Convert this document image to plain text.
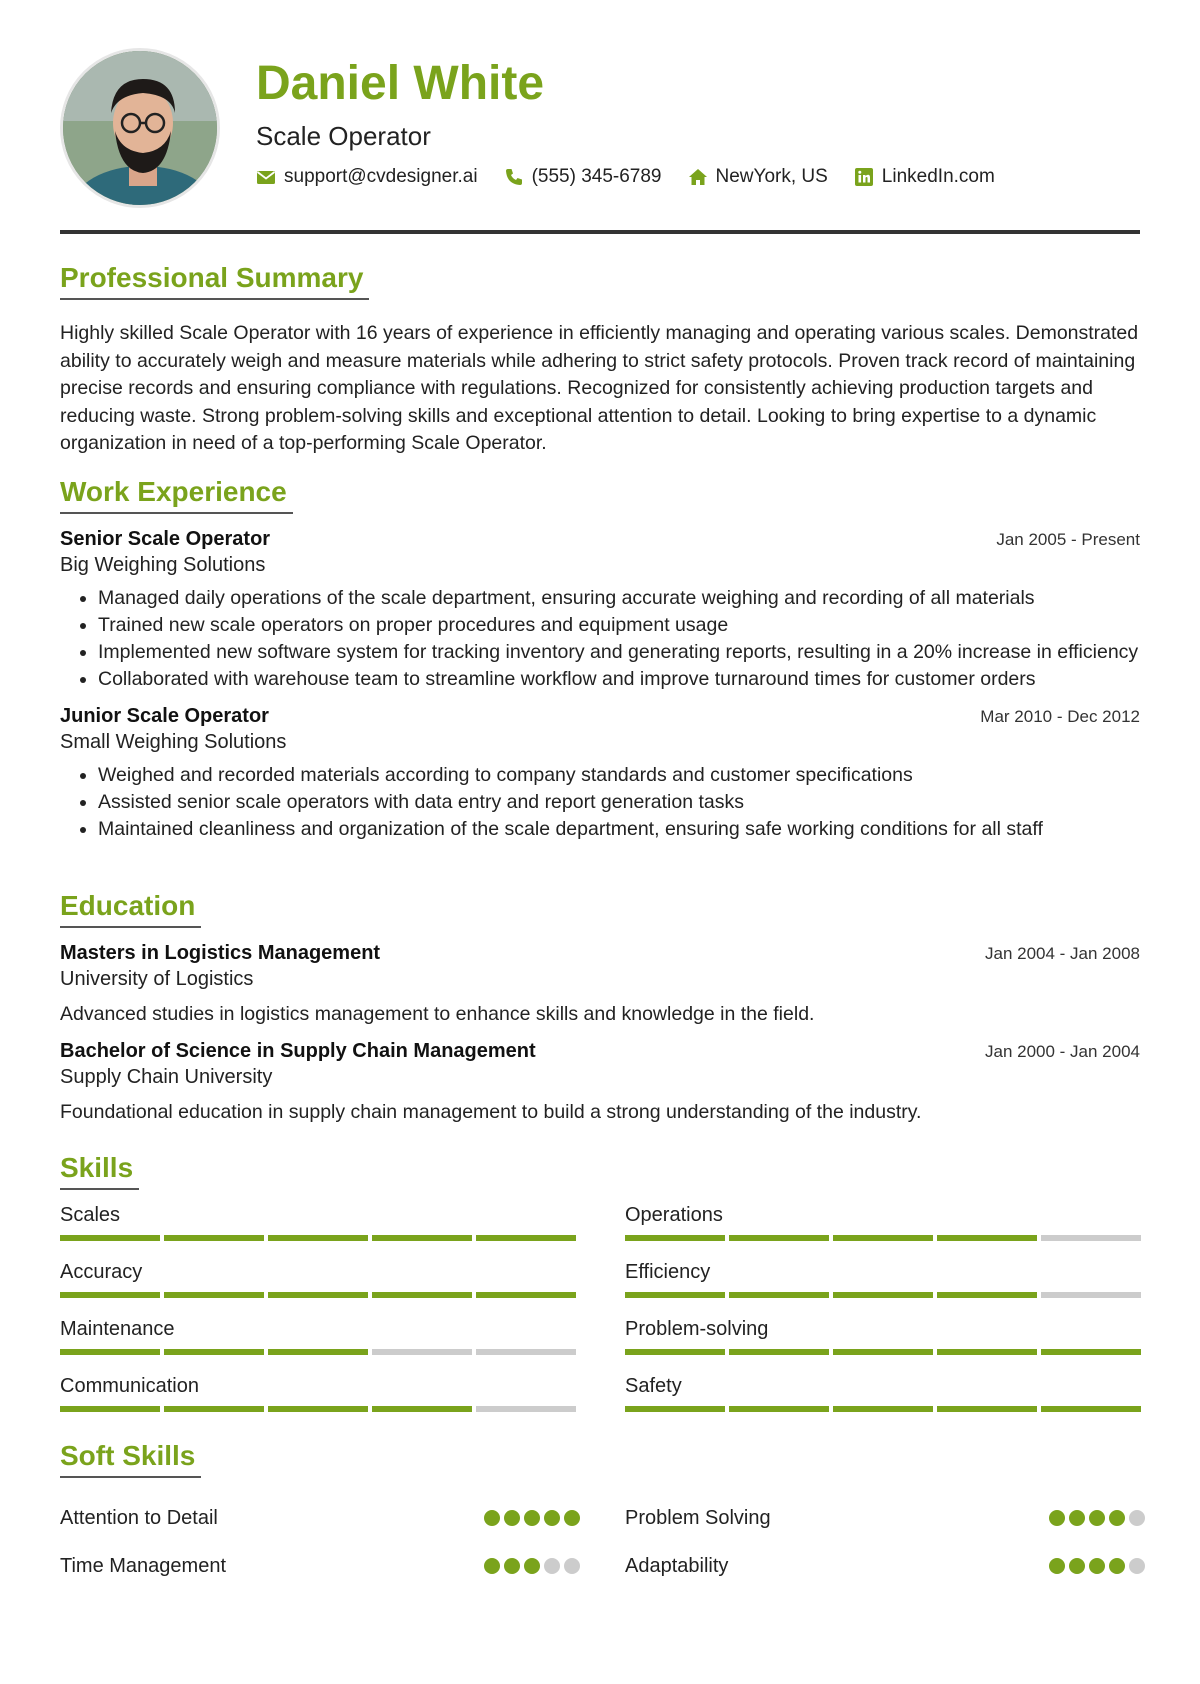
Daniel White
Scale Operator
support@cvdesigner.ai	(555) 345-6789	NewYork, US	LinkedIn.com
Professional Summary
Highly skilled Scale Operator with 16 years of experience in efficiently managing and operating various scales. Demonstrated ability to accurately weigh and measure materials while adhering to strict safety protocols. Proven track record of maintaining precise records and ensuring compliance with regulations. Recognized for consistently achieving production targets and reducing waste. Strong problem-solving skills and exceptional attention to detail. Looking to bring expertise to a dynamic organization in need of a top-performing Scale Operator.
Work Experience
Senior Scale Operator	Jan 2005 - Present
Big Weighing Solutions
• Managed daily operations of the scale department, ensuring accurate weighing and recording of all materials
• Trained new scale operators on proper procedures and equipment usage
• Implemented new software system for tracking inventory and generating reports, resulting in a 20% increase in efficiency
• Collaborated with warehouse team to streamline workflow and improve turnaround times for customer orders
Junior Scale Operator	Mar 2010 - Dec 2012
Small Weighing Solutions
• Weighed and recorded materials according to company standards and customer specifications
• Assisted senior scale operators with data entry and report generation tasks
• Maintained cleanliness and organization of the scale department, ensuring safe working conditions for all staff
Education
Masters in Logistics Management	Jan 2004 - Jan 2008
University of Logistics
Advanced studies in logistics management to enhance skills and knowledge in the field.
Bachelor of Science in Supply Chain Management	Jan 2000 - Jan 2004
Supply Chain University
Foundational education in supply chain management to build a strong understanding of the industry.
Skills
Scales	Operations
Accuracy	Efficiency
Maintenance	Problem-solving
Communication	Safety
Soft Skills
Attention to Detail	Problem Solving
Time Management	Adaptability
